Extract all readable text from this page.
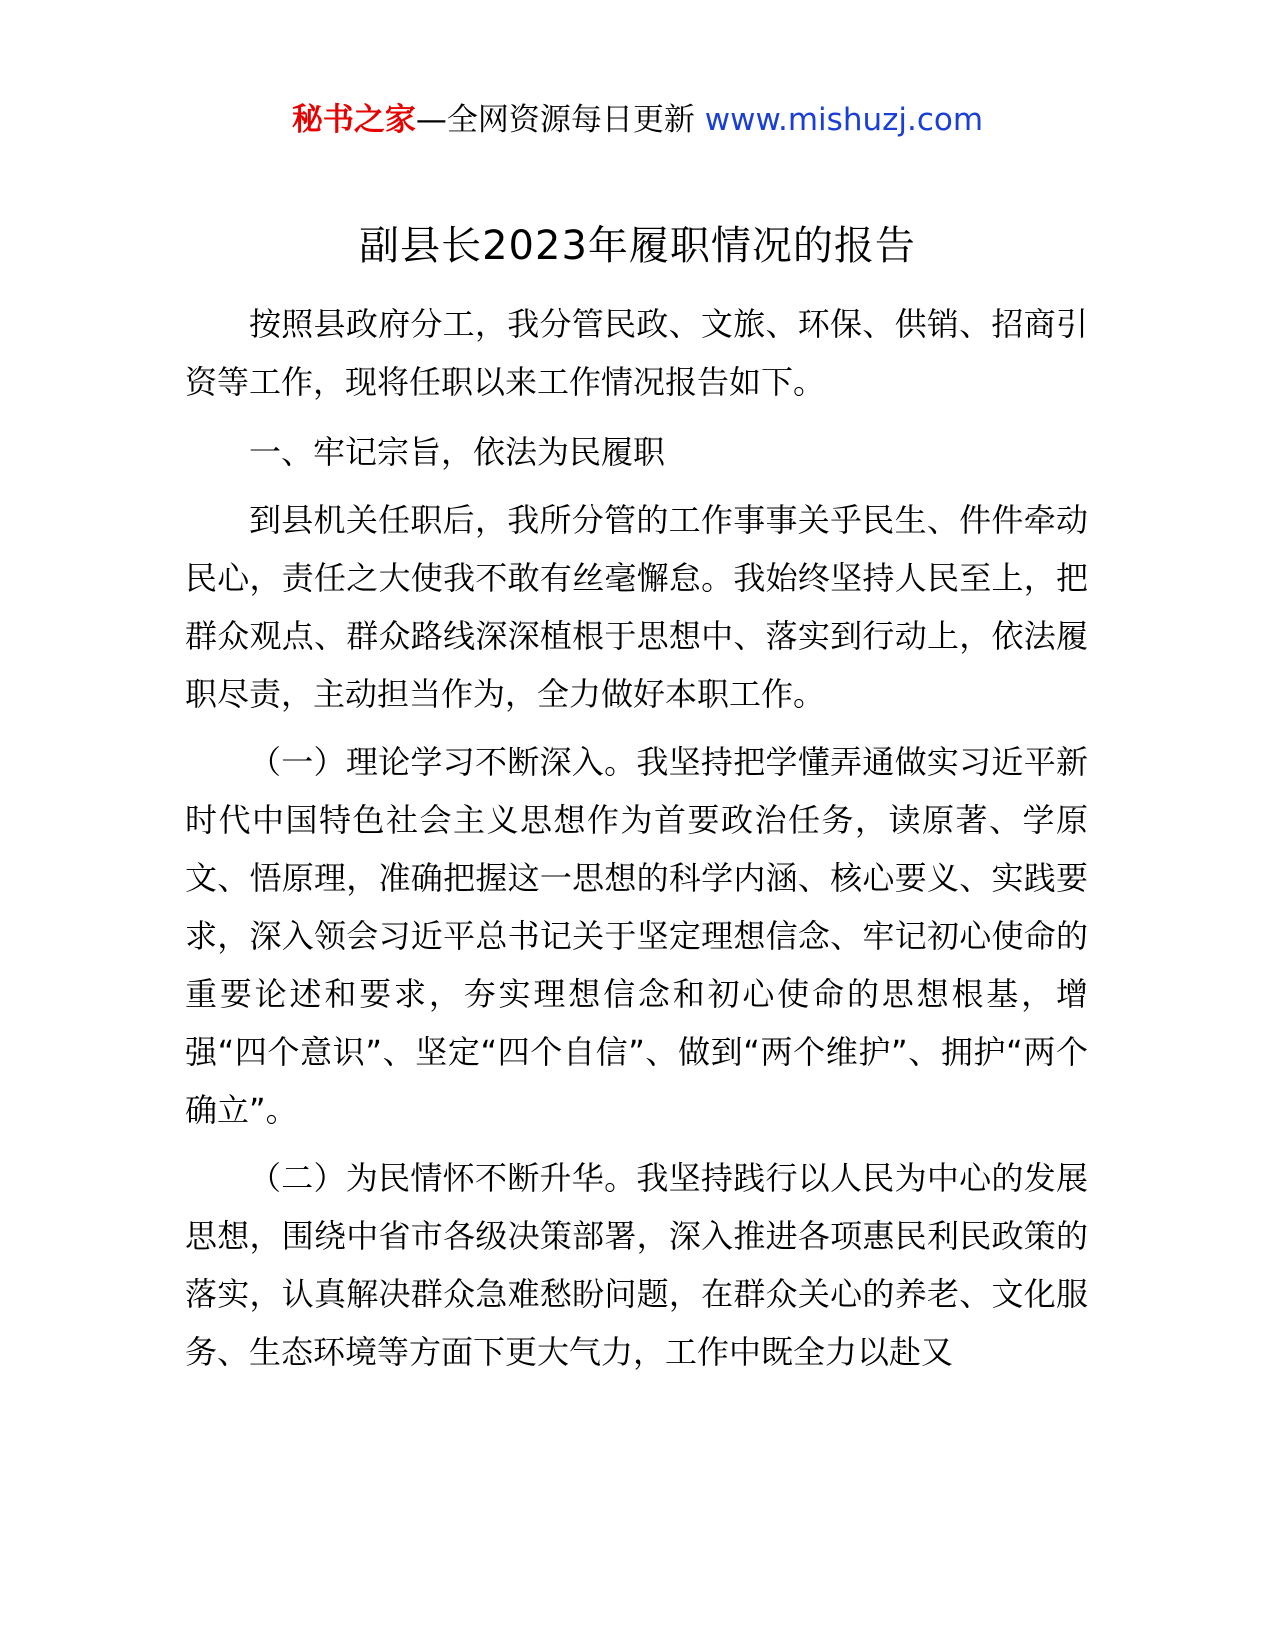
秘书之家—全网资源每日更新 www.mishuzj.com
副县长2023年履职情况的报告

按照县政府分工，我分管民政、文旅、环保、供销、招商引资等工作，现将任职以来工作情况报告如下。

一、牢记宗旨，依法为民履职

到县机关任职后，我所分管的工作事事关乎民生、件件牵动民心，责任之大使我不敢有丝毫懈怠。我始终坚持人民至上，把群众观点、群众路线深深植根于思想中、落实到行动上，依法履职尽责，主动担当作为，全力做好本职工作。

（一）理论学习不断深入。我坚持把学懂弄通做实习近平新时代中国特色社会主义思想作为首要政治任务，读原著、学原文、悟原理，准确把握这一思想的科学内涵、核心要义、实践要求，深入领会习近平总书记关于坚定理想信念、牢记初心使命的重要论述和要求，夯实理想信念和初心使命的思想根基，增强“四个意识”、坚定“四个自信”、做到“两个维护”、拥护“两个确立”。

（二）为民情怀不断升华。我坚持践行以人民为中心的发展思想，围绕中省市各级决策部署，深入推进各项惠民利民政策的落实，认真解决群众急难愁盼问题，在群众关心的养老、文化服务、生态环境等方面下更大气力，工作中既全力以赴又
